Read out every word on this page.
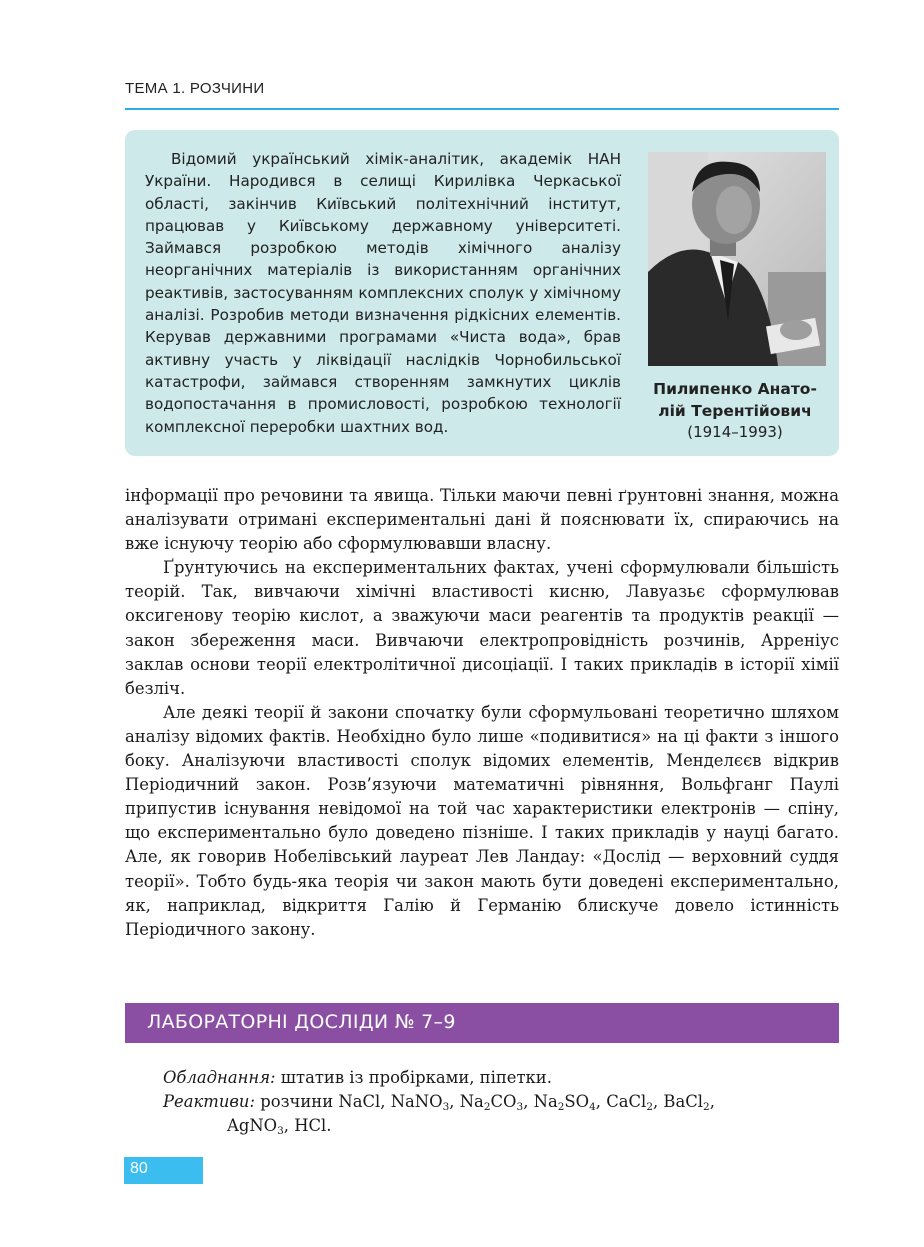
ТЕМА 1. РОЗЧИНИ

Відомий український хімік-аналітик, академік НАН України. Народився в селищі Кирилівка Черкаської області, закінчив Київський політехнічний інститут, працював у Київському державному університеті. Займався розробкою методів хімічного аналізу неорганічних матеріалів із використанням органічних реактивів, застосуванням комплексних сполук у хімічному аналізі. Розробив методи визначення рідкісних елементів. Керував державними програмами «Чиста вода», брав активну участь у ліквідації наслідків Чорнобильської катастрофи, займався створенням замкнутих циклів водопостачання в промисловості, розробкою технології комплексної переробки шахтних вод.

Пилипенко Анато-
лій Терентійович
(1914–1993)

інформації про речовини та явища. Тільки маючи певні ґрунтовні знання, можна аналізувати отримані експериментальні дані й пояснювати їх, спираючись на вже існуючу теорію або сформулювавши власну.

Ґрунтуючись на експериментальних фактах, учені сформулювали більшість теорій. Так, вивчаючи хімічні властивості кисню, Лавуазьє сформулював оксигенову теорію кислот, а зважуючи маси реагентів та продуктів реакції — закон збереження маси. Вивчаючи електропровідність розчинів, Арреніус заклав основи теорії електролітичної дисоціації. І таких прикладів в історії хімії безліч.

Але деякі теорії й закони спочатку були сформульовані теоретично шляхом аналізу відомих фактів. Необхідно було лише «подивитися» на ці факти з іншого боку. Аналізуючи властивості сполук відомих елементів, Менделєєв відкрив Періодичний закон. Розв’язуючи математичні рівняння, Вольфганг Паулі припустив існування невідомої на той час характеристики електронів — спіну, що експериментально було доведено пізніше. І таких прикладів у науці багато. Але, як говорив Нобелівський лауреат Лев Ландау: «Дослід — верховний суддя теорії». Тобто будь-яка теорія чи закон мають бути доведені експериментально, як, наприклад, відкриття Галію й Германію блискуче довело істинність Періодичного закону.

ЛАБОРАТОРНІ ДОСЛІДИ № 7–9

Обладнання: штатив із пробірками, піпетки.

Реактиви: розчини NaCl, NaNO$_3$, $Na_2CO_3$, $Na_2SO_4$, CaCl$_2$, BaCl$_2$,

AgNO$_3$, HCl.

80
